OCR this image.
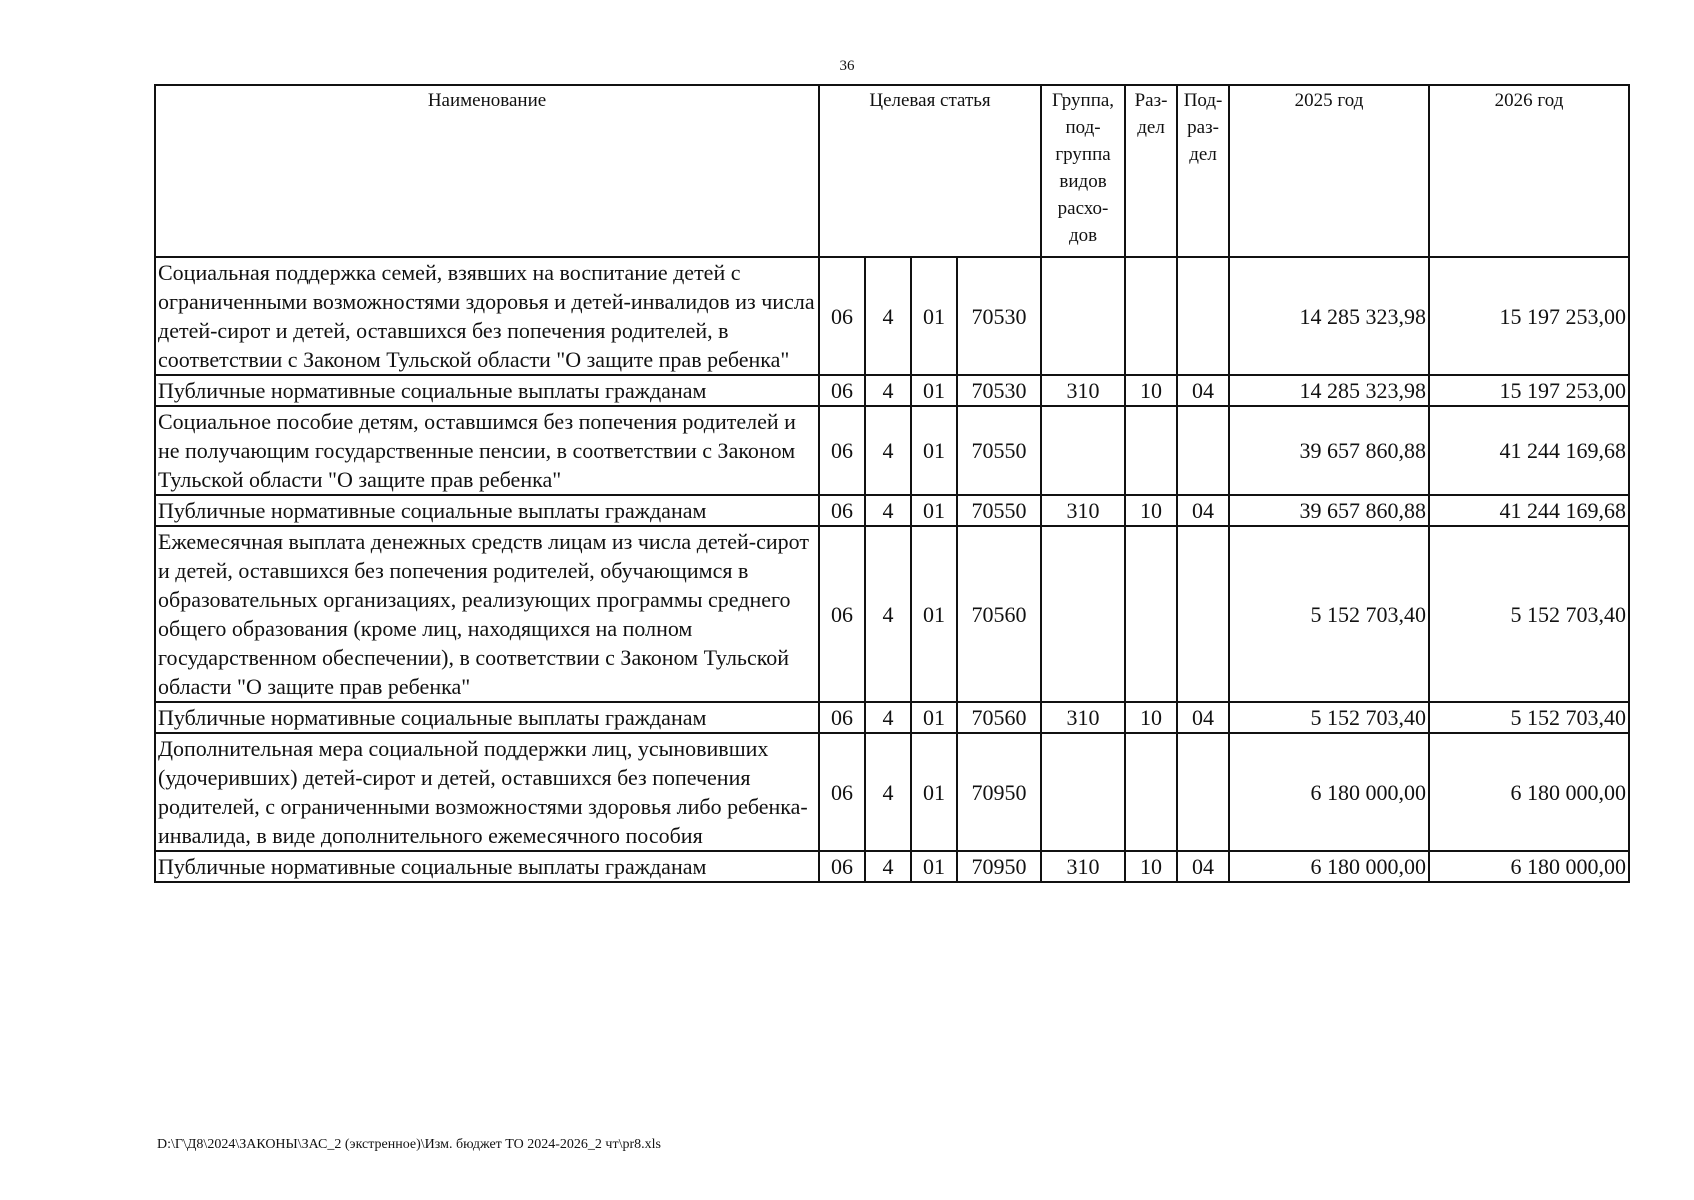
36
Наименование	Целевая статья				Группа, под- группа видов расхо- дов	Раз- дел	Под- раз- дел	2025 год	2026 год
Социальная поддержка семей, взявших на воспитание детей с ограниченными возможностями здоровья и детей-инвалидов из числа детей-сирот и детей, оставшихся без попечения родителей, в соответствии с Законом Тульской области "О защите прав ребенка"	06	4	01	70530				14 285 323,98	15 197 253,00
Публичные нормативные социальные выплаты гражданам	06	4	01	70530	310	10	04	14 285 323,98	15 197 253,00
Социальное пособие детям, оставшимся без попечения родителей и не получающим государственные пенсии, в соответствии с Законом Тульской области "О защите прав ребенка"	06	4	01	70550				39 657 860,88	41 244 169,68
Публичные нормативные социальные выплаты гражданам	06	4	01	70550	310	10	04	39 657 860,88	41 244 169,68
Ежемесячная выплата денежных средств лицам из числа детей-сирот и детей, оставшихся без попечения родителей, обучающимся в образовательных организациях, реализующих программы среднего общего образования (кроме лиц, находящихся на полном государственном обеспечении), в соответствии с Законом Тульской области "О защите прав ребенка"	06	4	01	70560				5 152 703,40	5 152 703,40
Публичные нормативные социальные выплаты гражданам	06	4	01	70560	310	10	04	5 152 703,40	5 152 703,40
Дополнительная мера социальной поддержки лиц, усыновивших (удочеривших) детей-сирот и детей, оставшихся без попечения родителей, с ограниченными возможностями здоровья либо ребенка-инвалида, в виде дополнительного ежемесячного пособия	06	4	01	70950				6 180 000,00	6 180 000,00
Публичные нормативные социальные выплаты гражданам	06	4	01	70950	310	10	04	6 180 000,00	6 180 000,00
D:\Г\Д8\2024\ЗАКОНЫ\ЗАС_2 (экстренное)\Изм. бюджет ТО 2024-2026_2 чт\pr8.xls
